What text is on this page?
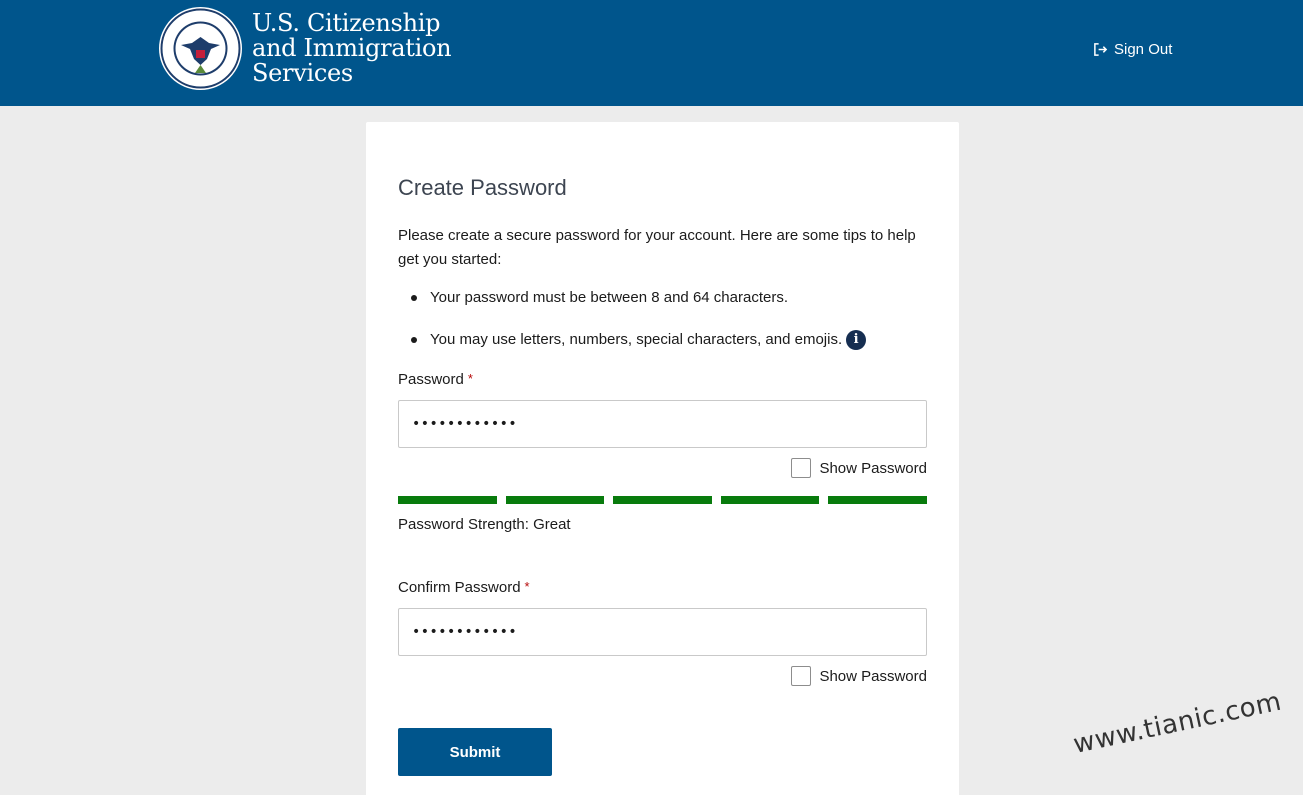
U.S. Citizenship
and Immigration
Services
Sign Out
Create Password

Please create a secure password for your account. Here are some tips to help get you started:

Your password must be between 8 and 64 characters.
You may use letters, numbers, special characters, and emojis. i
Password *
••••••••••••
Show Password
Password Strength: Great
Confirm Password *
••••••••••••
Show Password
Submit	www.tianic.com
